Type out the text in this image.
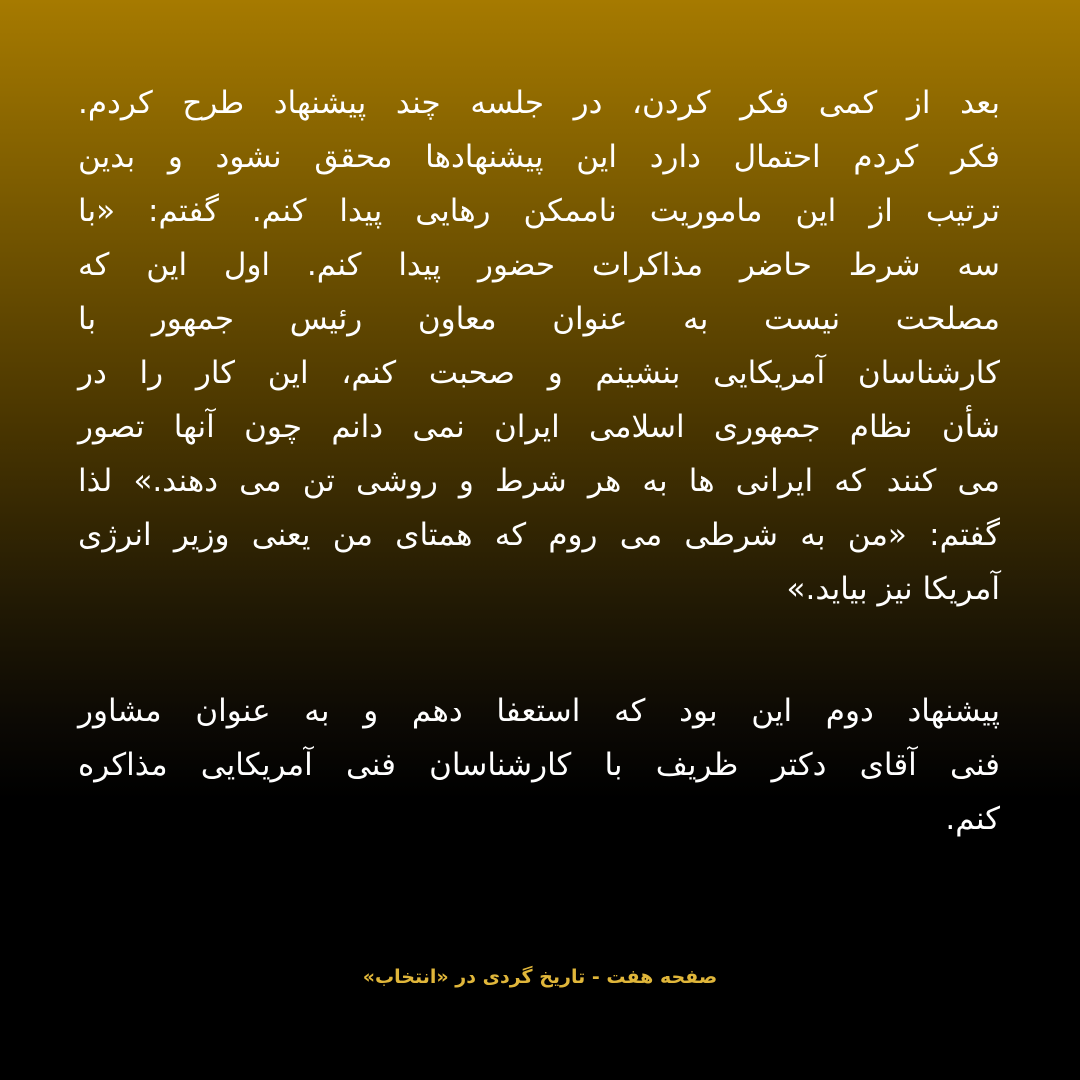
بعد از کمی فکر کردن، در جلسه چند پیشنهاد طرح کردم.
فکر کردم احتمال دارد این پیشنهادها محقق نشود و بدین
ترتیب از این ماموریت ناممکن رهایی پیدا کنم. گفتم: «با
سه شرط حاضر مذاکرات حضور پیدا کنم. اول این که
مصلحت نیست به عنوان معاون رئیس جمهور با
کارشناسان آمریکایی بنشینم و صحبت کنم، این کار را در
شأن نظام جمهوری اسلامی ایران نمی دانم چون آنها تصور
می کنند که ایرانی ها به هر شرط و روشی تن می دهند.» لذا
گفتم: «من به شرطی می روم که همتای من یعنی وزیر انرژی
آمریکا نیز بیاید.»
پیشنهاد دوم این بود که استعفا دهم و به عنوان مشاور
فنی آقای دکتر ظریف با کارشناسان فنی آمریکایی مذاکره
کنم.
صفحه هفت - تاریخ گردی در «انتخاب»
